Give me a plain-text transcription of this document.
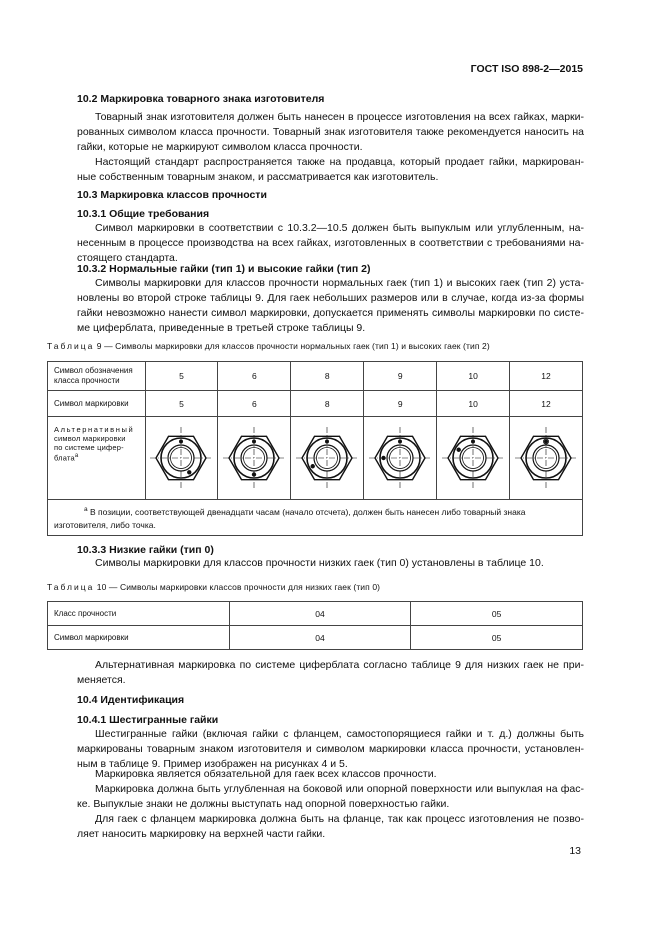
ГОСТ ISO 898-2—2015
10.2 Маркировка товарного знака изготовителя

Товарный знак изготовителя должен быть нанесен в процессе изготовления на всех гайках, марки- рованных символом класса прочности. Товарный знак изготовителя также рекомендуется наносить на гайки, которые не маркируют символом класса прочности.

Настоящий стандарт распространяется также на продавца, который продает гайки, маркирован- ные собственным товарным знаком, и рассматривается как изготовитель.

10.3 Маркировка классов прочности
10.3.1 Общие требования

Символ маркировки в соответствии с 10.3.2—10.5 должен быть выпуклым или углубленным, на- несенным в процессе производства на всех гайках, изготовленных в соответствии с требованиями на- стоящего стандарта.

10.3.2 Нормальные гайки (тип 1) и высокие гайки (тип 2)

Символы маркировки для классов прочности нормальных гаек (тип 1) и высоких гаек (тип 2) уста- новлены во второй строке таблицы 9. Для гаек небольших размеров или в случае, когда из-за формы гайки невозможно нанести символ маркировки, допускается применять символы маркировки по систе- ме циферблата, приведенные в третьей строке таблицы 9.

Таблица 9 — Символы маркировки для классов прочности нормальных гаек (тип 1) и высоких гаек (тип 2)
Символ обозначения
класса прочности	5	6	8	9	10	12
Символ маркировки	5	6	8	9	10	12

Альтернативный
символ маркировки
по системе цифер-
блата$^a$

$^a$ В позиции, соответствующей двенадцати часам (начало отсчета), должен быть нанесен либо товарный знака изготовителя, либо точка.						
10.3.3 Низкие гайки (тип 0)

Символы маркировки для классов прочности низких гаек (тип 0) установлены в таблице 10.

Таблица 10 — Символы маркировки классов прочности для низких гаек (тип 0)
Класс прочности	04	05
Символ маркировки	04	05

Альтернативная маркировка по системе циферблата согласно таблице 9 для низких гаек не при- меняется.

10.4 Идентификация
10.4.1 Шестигранные гайки

Шестигранные гайки (включая гайки с фланцем, самостопорящиеся гайки и т. д.) должны быть маркированы товарным знаком изготовителя и символом маркировки класса прочности, установлен- ным в таблице 9. Пример изображен на рисунках 4 и 5.

Маркировка является обязательной для гаек всех классов прочности.

Маркировка должна быть углубленная на боковой или опорной поверхности или выпуклая на фас- ке. Выпуклые знаки не должны выступать над опорной поверхностью гайки.

Для гаек с фланцем маркировка должна быть на фланце, так как процесс изготовления не позво- ляет наносить маркировку на верхней части гайки.

13
